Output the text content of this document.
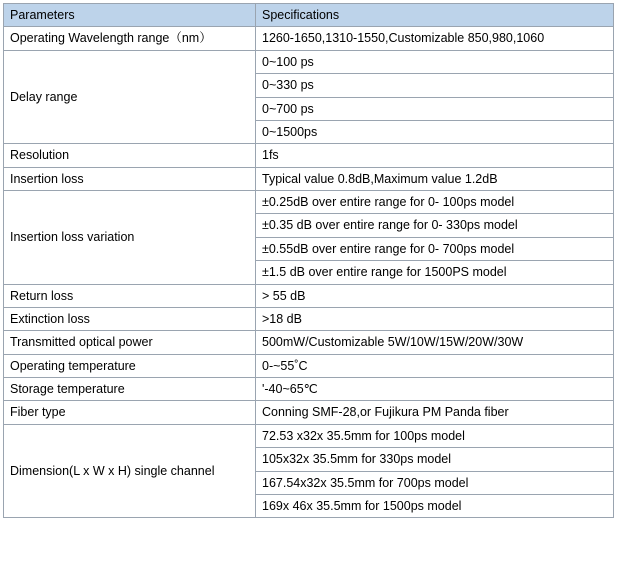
Parameters	Specifications
Operating Wavelength range（nm）	1260-1650,1310-1550,Customizable 850,980,1060
Delay range	0~100 ps
	0~330 ps
	0~700 ps
	0~1500ps
Resolution	1fs
Insertion loss	Typical value 0.8dB,Maximum value 1.2dB
Insertion loss variation	±0.25dB over entire range for 0- 100ps model
	±0.35 dB over entire range for 0- 330ps model
	±0.55dB over entire range for 0- 700ps model
	±1.5 dB over entire range for 1500PS model
Return loss	> 55 dB
Extinction loss	>18 dB
Transmitted optical power	500mW/Customizable 5W/10W/15W/20W/30W
Operating temperature	0-~55˚C
Storage temperature	'-40~65℃
Fiber type	Conning SMF-28,or Fujikura PM Panda fiber
Dimension(L x W x H) single channel	72.53 x32x 35.5mm for 100ps model
	105x32x 35.5mm for 330ps model
	167.54x32x 35.5mm for 700ps model
	169x 46x 35.5mm for 1500ps model
